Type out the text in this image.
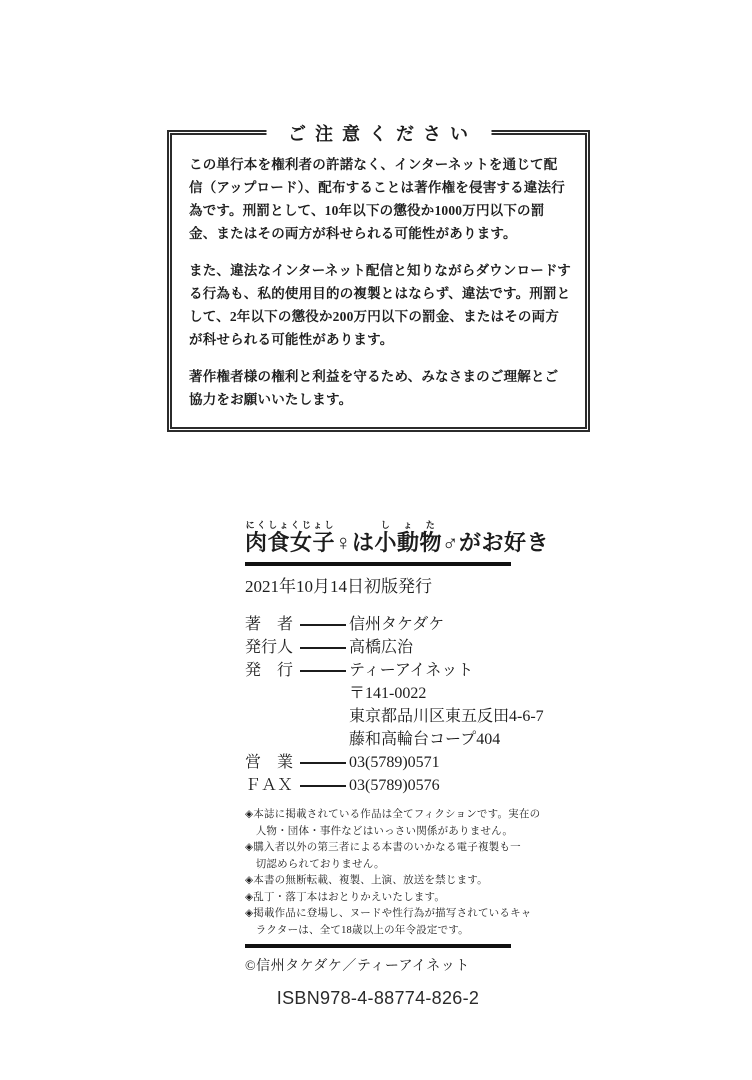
ご注意ください

この単行本を権利者の許諾なく、インターネットを通じて配信（アップロード）、配布することは著作権を侵害する違法行為です。刑罰として、10年以下の懲役か1000万円以下の罰金、またはその両方が科せられる可能性があります。

また、違法なインターネット配信と知りながらダウンロードする行為も、私的使用目的の複製とはならず、違法です。刑罰として、2年以下の懲役か200万円以下の罰金、またはその両方が科せられる可能性があります。

著作権者様の権利と利益を守るため、みなさまのご理解とご協力をお願いいたします。

肉食女子にくしょくじょし♀は小動物しょた♂がお好き
2021年10月14日初版発行
著　者	信州タケダケ
発行人	高橋広治
発　行	ティーアイネット
〒141-0022
東京都品川区東五反田4-6-7
藤和高輪台コープ404
営　業	03(5789)0571
ＦＡＸ	03(5789)0576
◈本誌に掲載されている作品は全てフィクションです。実在の
　人物・団体・事件などはいっさい関係がありません。
◈購入者以外の第三者による本書のいかなる電子複製も一
　切認められておりません。
◈本書の無断転載、複製、上演、放送を禁じます。
◈乱丁・落丁本はおとりかえいたします。
◈掲載作品に登場し、ヌードや性行為が描写されているキャ
　ラクターは、全て18歳以上の年令設定です。
©信州タケダケ／ティーアイネット
ISBN978-4-88774-826-2
